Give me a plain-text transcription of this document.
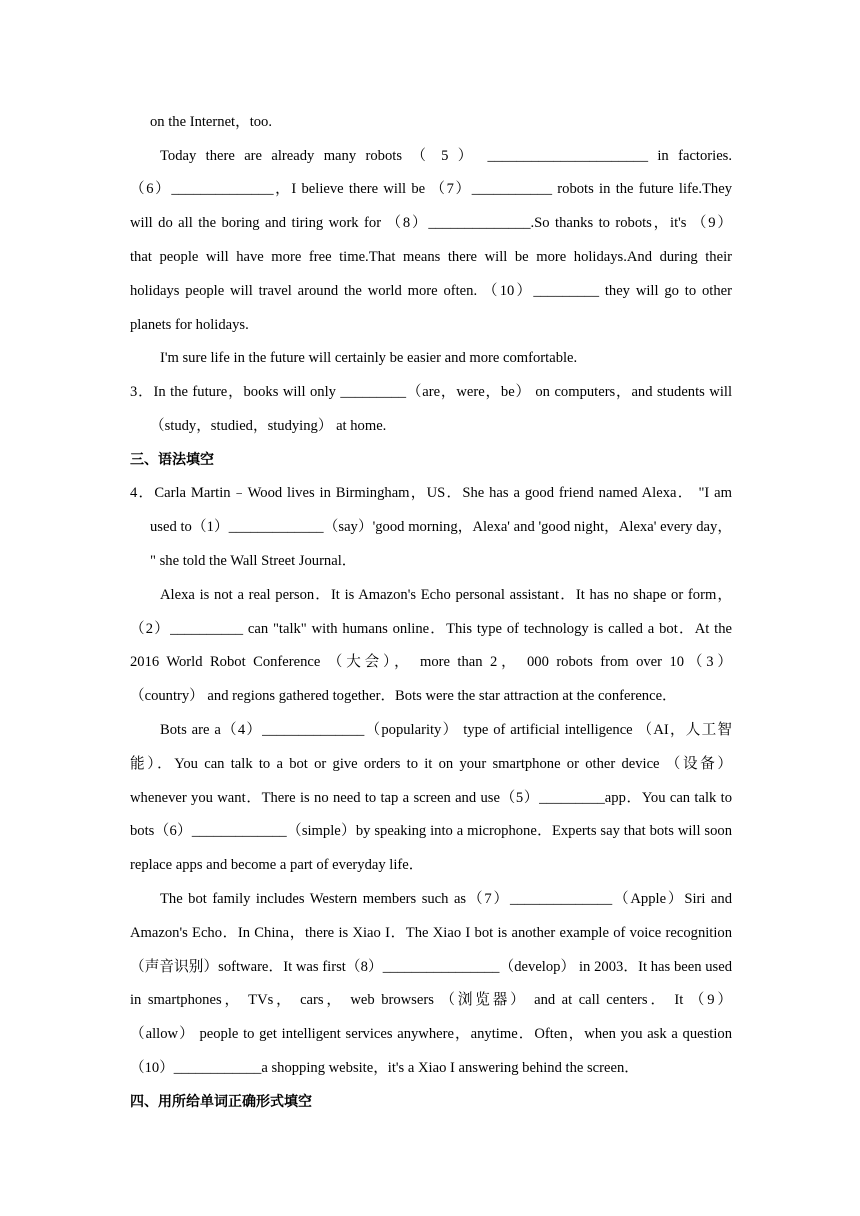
on the Internet，too.
Today there are already many robots （ 5 ） ______________________ in factories.
（6）______________，I believe there will be （7）___________ robots in the future life.They
will do all the boring and tiring work for （8）______________.So thanks to robots，it's （9）
that people will have more free time.That means there will be more holidays.And during their
holidays people will travel around the world more often. （10）_________ they will go to other
planets for holidays.
I'm sure life in the future will certainly be easier and more comfortable.
3．In the future，books will only _________（are，were，be） on computers，and students will
（study，studied，studying） at home.
三、语法填空
4．Carla Martin﹣Wood lives in Birmingham，US．She has a good friend named Alexa． "I am
used to（1）_____________（say）'good morning，Alexa' and 'good night，Alexa' every day，
" she told the Wall Street Journal．
Alexa is not a real person．It is Amazon's Echo personal assistant．It has no shape or form，
（2）__________ can "talk" with humans online．This type of technology is called a bot．At the
2016 World Robot Conference （大会）， more than 2， 000 robots from over 10（3）
（country） and regions gathered together．Bots were the star attraction at the conference．
Bots are a（4）______________（popularity） type of artificial intelligence （AI，人工智
能）．You can talk to a bot or give orders to it on your smartphone or other device （设备）
whenever you want．There is no need to tap a screen and use（5）_________app．You can talk to
bots（6）_____________（simple）by speaking into a microphone．Experts say that bots will soon
replace apps and become a part of everyday life．
The bot family includes Western members such as（7）______________（Apple）Siri and
Amazon's Echo．In China，there is Xiao I．The Xiao I bot is another example of voice recognition
（声音识别）software．It was first（8）________________（develop） in 2003．It has been used
in smartphones， TVs， cars， web browsers （浏览器） and at call centers． It （9）
（allow） people to get intelligent services anywhere，anytime．Often，when you ask a question
（10）____________a shopping website，it's a Xiao I answering behind the screen．
四、用所给单词正确形式填空
